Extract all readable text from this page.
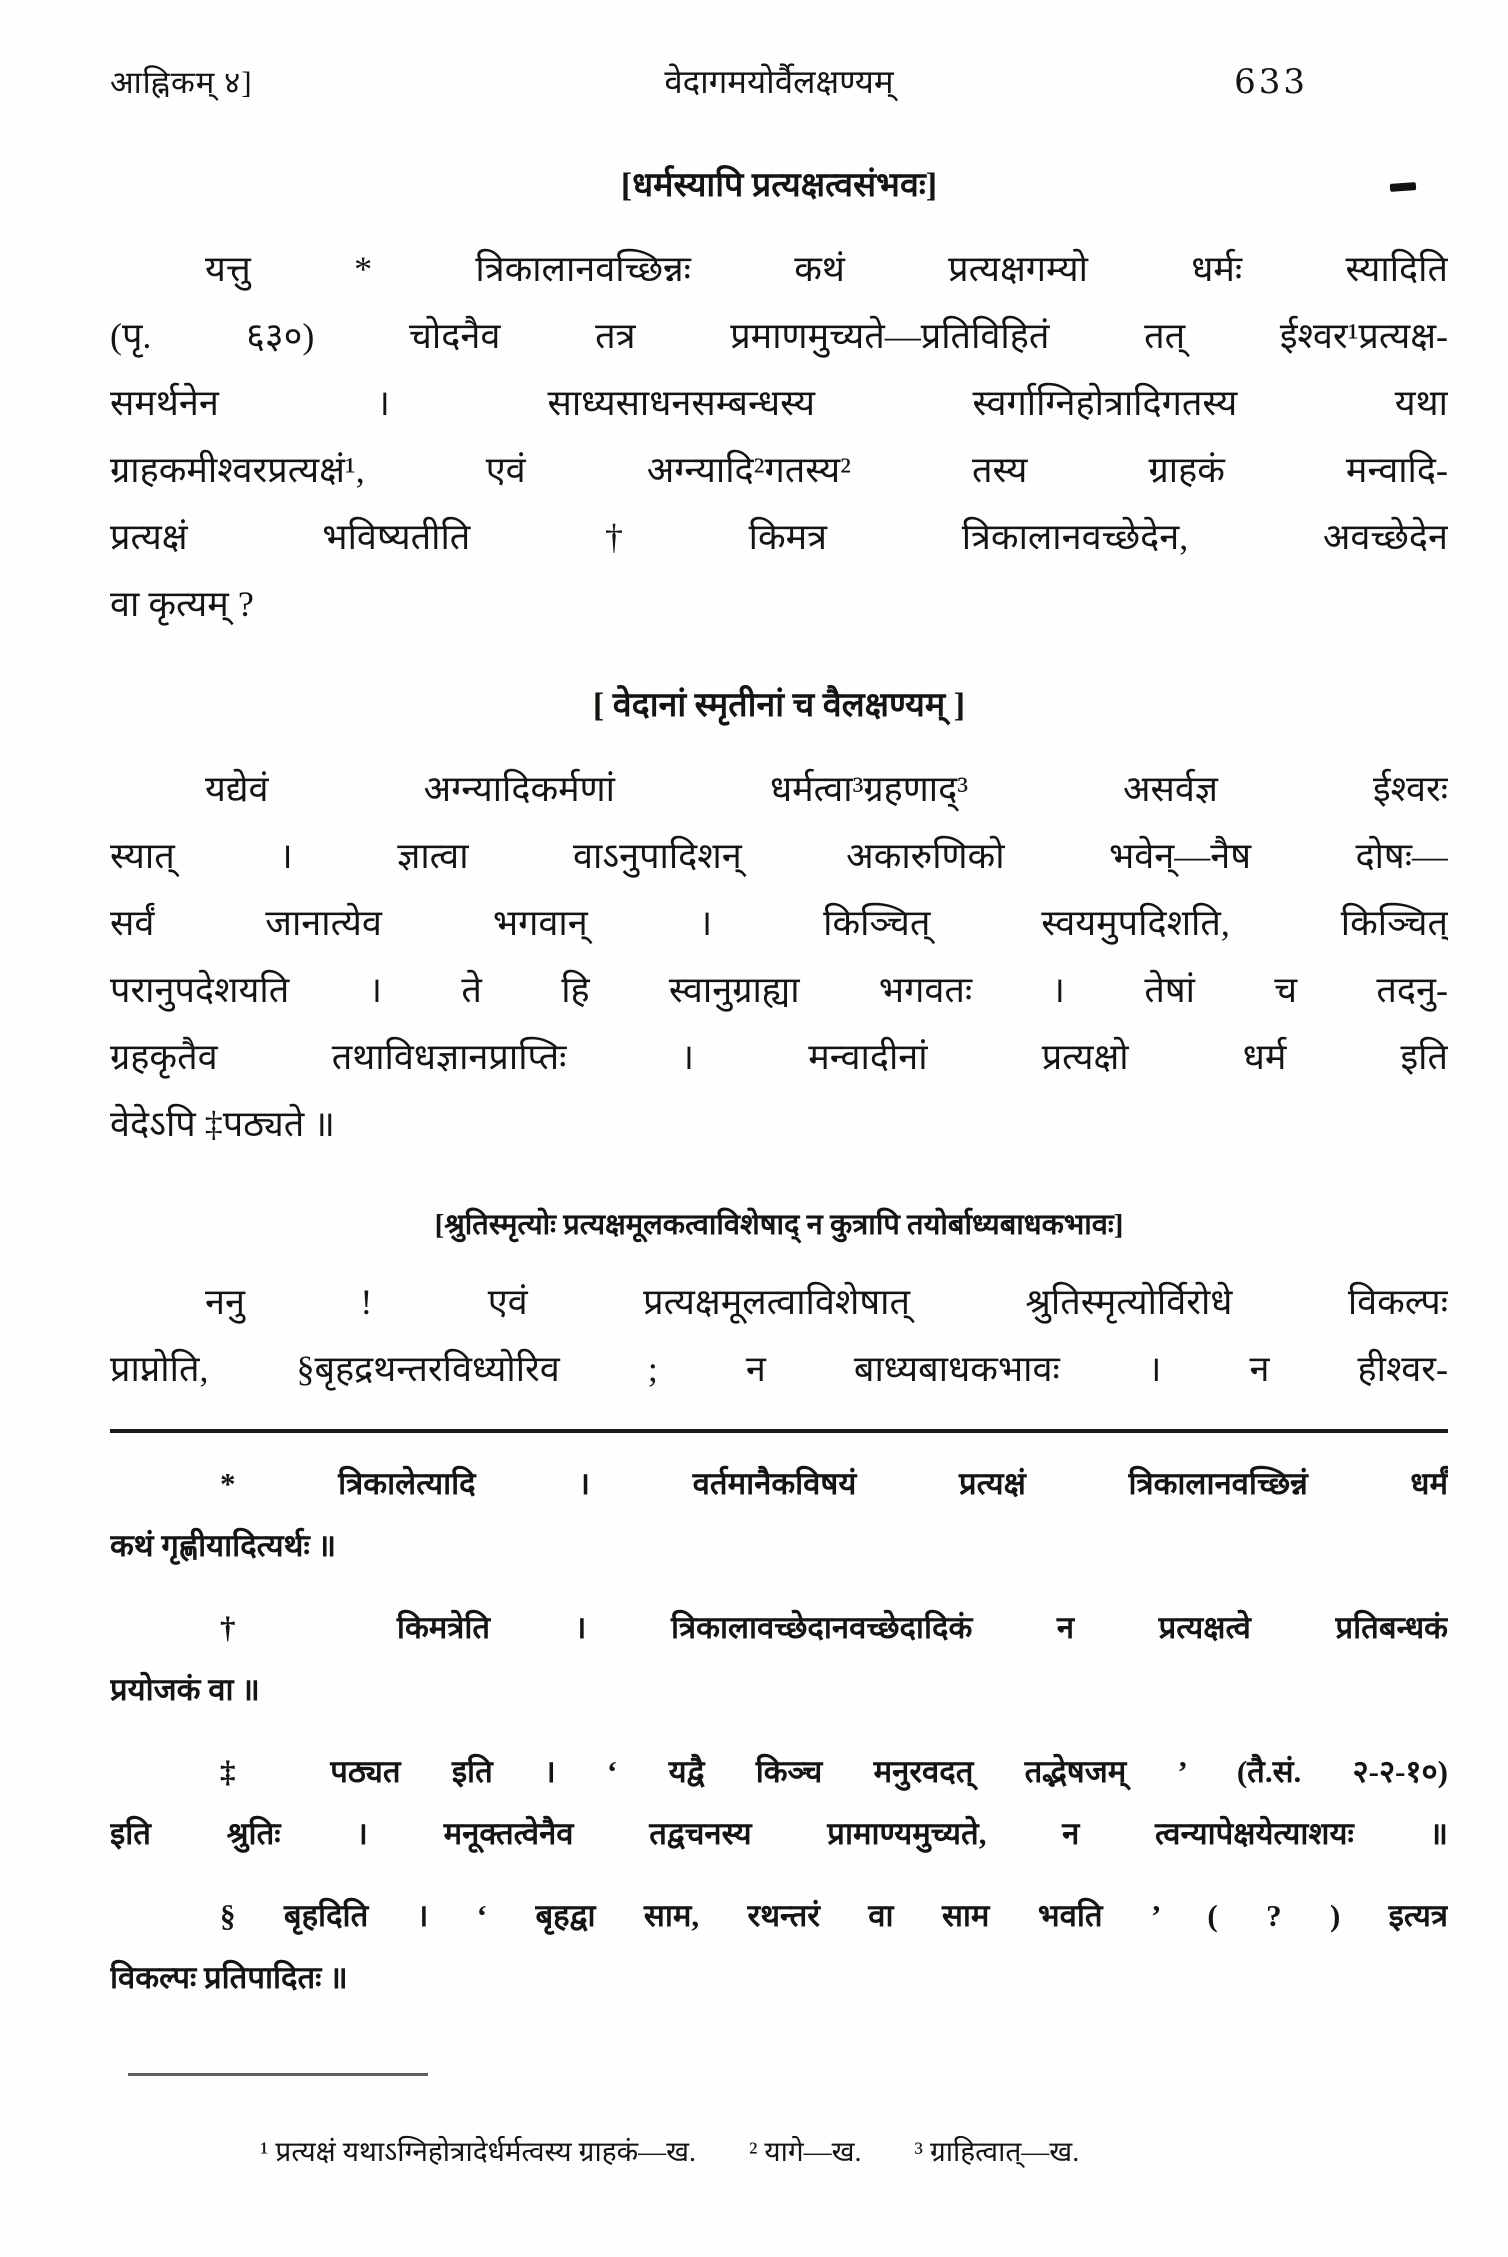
आह्निकम् ४]	वेदागमयोर्वैलक्षण्यम्	633
[धर्मस्यापि प्रत्यक्षत्वसंभवः]
यत्तु * त्रिकालानवच्छिन्नः कथं प्रत्यक्षगम्यो धर्मः स्यादिति
(पृ. ६३०) चोदनैव तत्र प्रमाणमुच्यते—प्रतिविहितं तत् ईश्वर¹प्रत्यक्ष-
समर्थनेन । साध्यसाधनसम्बन्धस्य स्वर्गाग्निहोत्रादिगतस्य यथा
ग्राहकमीश्वरप्रत्यक्षं¹, एवं अग्न्यादि²गतस्य² तस्य ग्राहकं मन्वादि-
प्रत्यक्षं भविष्यतीति †किमत्र त्रिकालानवच्छेदेन, अवच्छेदेन
वा कृत्यम् ?
[ वेदानां स्मृतीनां च वैलक्षण्यम् ]
यद्येवं अग्न्यादिकर्मणां धर्मत्वा³ग्रहणाद्³ असर्वज्ञ ईश्वरः
स्यात् । ज्ञात्वा वाऽनुपादिशन् अकारुणिको भवेन्—नैष दोषः—
सर्वं जानात्येव भगवान् । किञ्चित् स्वयमुपदिशति, किञ्चित्
परानुपदेशयति । ते हि स्वानुग्राह्या भगवतः । तेषां च तदनु-
ग्रहकृतैव तथाविधज्ञानप्राप्तिः । मन्वादीनां प्रत्यक्षो धर्म इति
वेदेऽपि ‡पठ्यते ॥
[श्रुतिस्मृत्योः प्रत्यक्षमूलकत्वाविशेषाद् न कुत्रापि तयोर्बाध्यबाधकभावः]
ननु ! एवं प्रत्यक्षमूलत्वाविशेषात् श्रुतिस्मृत्योर्विरोधे विकल्पः
प्राप्नोति, §बृहद्रथन्तरविध्योरिव ; न बाध्यबाधकभावः । न हीश्वर-
* त्रिकालेत्यादि । वर्तमानैकविषयं प्रत्यक्षं त्रिकालानवच्छिन्नं धर्मं
कथं गृह्णीयादित्यर्थः ॥
† किमत्रेति । त्रिकालावच्छेदानवच्छेदादिकं न प्रत्यक्षत्वे प्रतिबन्धकं
प्रयोजकं वा ॥
‡ पठ्यत इति । ‘ यद्वै किञ्च मनुरवदत् तद्भेषजम् ’ (तै.सं. २-२-१०)
इति श्रुतिः । मनूक्तत्वेनैव तद्वचनस्य प्रामाण्यमुच्यते, न त्वन्यापेक्षयेत्याशयः ॥
§ बृहदिति । ‘ बृहद्वा साम, रथन्तरं वा साम भवति ’ ( ? ) इत्यत्र
विकल्पः प्रतिपादितः ॥
¹ प्रत्यक्षं यथाऽग्निहोत्रादेर्धर्मत्वस्य ग्राहकं—ख. ² यागे—ख. ³ ग्राहित्वात्—ख.
